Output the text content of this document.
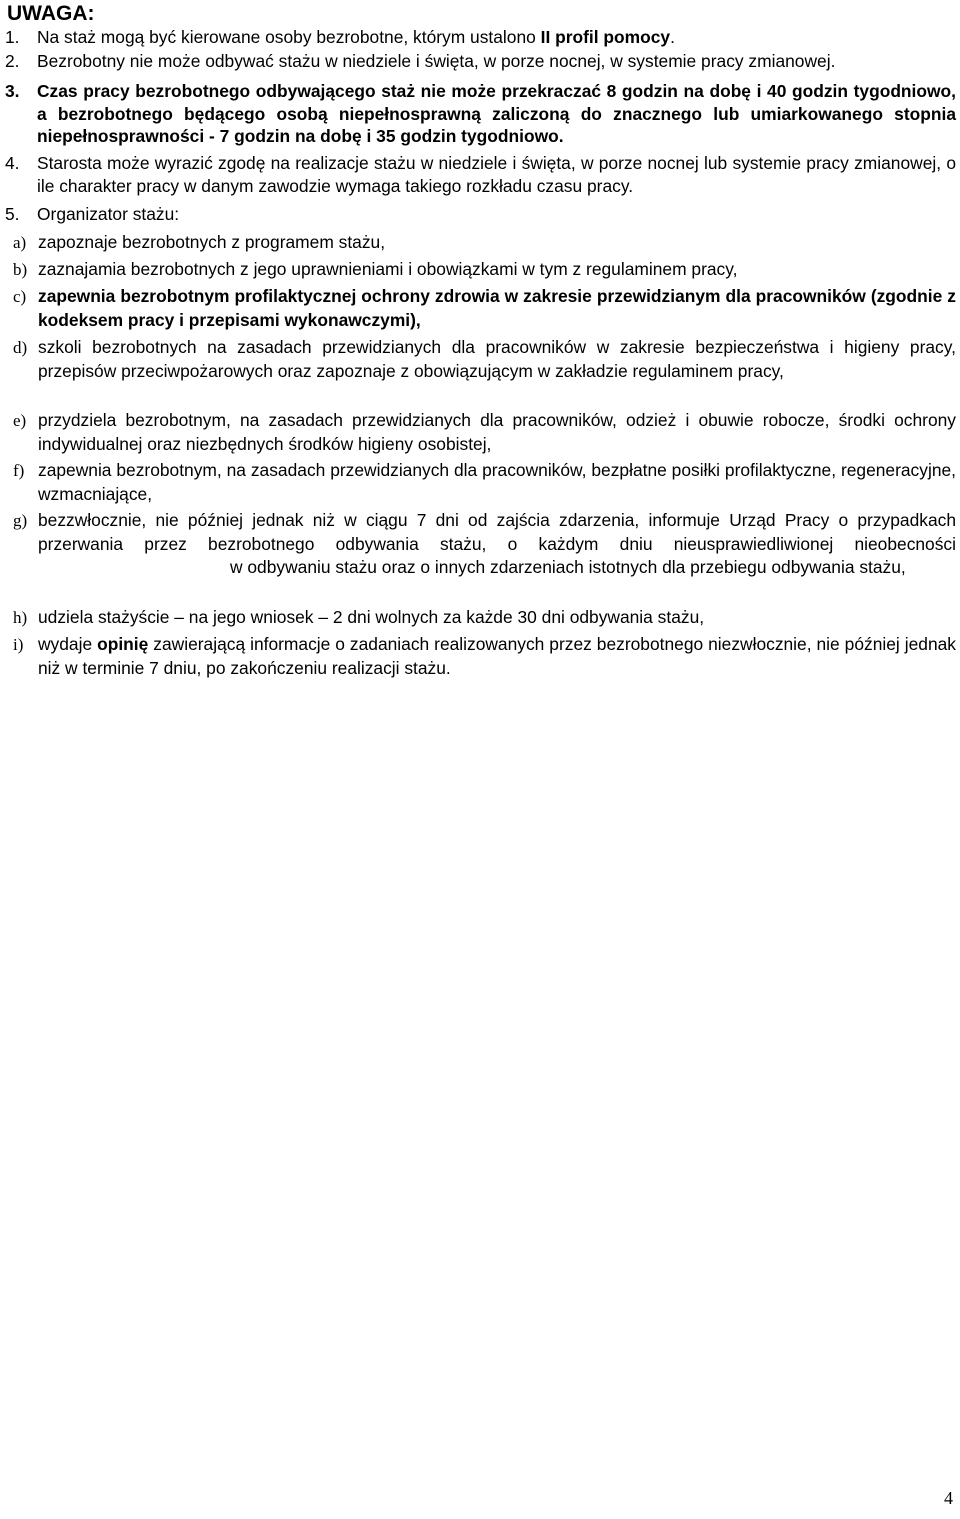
UWAGA:
1. Na staż mogą być kierowane osoby bezrobotne, którym ustalono II profil pomocy.
2. Bezrobotny nie może odbywać stażu w niedziele i święta, w porze nocnej, w systemie pracy zmianowej.
3. Czas pracy bezrobotnego odbywającego staż nie może przekraczać 8 godzin na dobę i 40 godzin tygodniowo, a bezrobotnego będącego osobą niepełnosprawną zaliczoną do znacznego lub umiarkowanego stopnia niepełnosprawności - 7 godzin na dobę i 35 godzin tygodniowo.
4. Starosta może wyrazić zgodę na realizacje stażu w niedziele i święta, w porze nocnej lub systemie pracy zmianowej, o ile charakter pracy w danym zawodzie wymaga takiego rozkładu czasu pracy.
5. Organizator stażu:
a) zapoznaje bezrobotnych z programem stażu,
b) zaznajamia bezrobotnych z jego uprawnieniami i obowiązkami w tym z regulaminem pracy,
c) zapewnia bezrobotnym profilaktycznej ochrony zdrowia w zakresie przewidzianym dla pracowników (zgodnie z kodeksem pracy i przepisami wykonawczymi),
d) szkoli bezrobotnych na zasadach przewidzianych dla pracowników w zakresie bezpieczeństwa i higieny pracy, przepisów przeciwpożarowych oraz zapoznaje z obowiązującym w zakładzie regulaminem pracy,
e) przydziela bezrobotnym, na zasadach przewidzianych dla pracowników, odzież i obuwie robocze, środki ochrony indywidualnej oraz niezbędnych środków higieny osobistej,
f) zapewnia bezrobotnym, na zasadach przewidzianych dla pracowników, bezpłatne posiłki profilaktyczne, regeneracyjne, wzmacniające,
g) bezzwłocznie, nie później jednak niż w ciągu 7 dni od zajścia zdarzenia, informuje Urząd Pracy o przypadkach przerwania przez bezrobotnego odbywania stażu, o każdym dniu nieusprawiedliwionej nieobecnościw odbywaniu stażu oraz o innych zdarzeniach istotnych dla przebiegu odbywania stażu,
h) udziela stażyście – na jego wniosek – 2 dni wolnych za każde 30 dni odbywania stażu,
i) wydaje opinię zawierającą informacje o zadaniach realizowanych przez bezrobotnego niezwłocznie, nie później jednak niż w terminie 7 dniu, po zakończeniu realizacji stażu.
4
